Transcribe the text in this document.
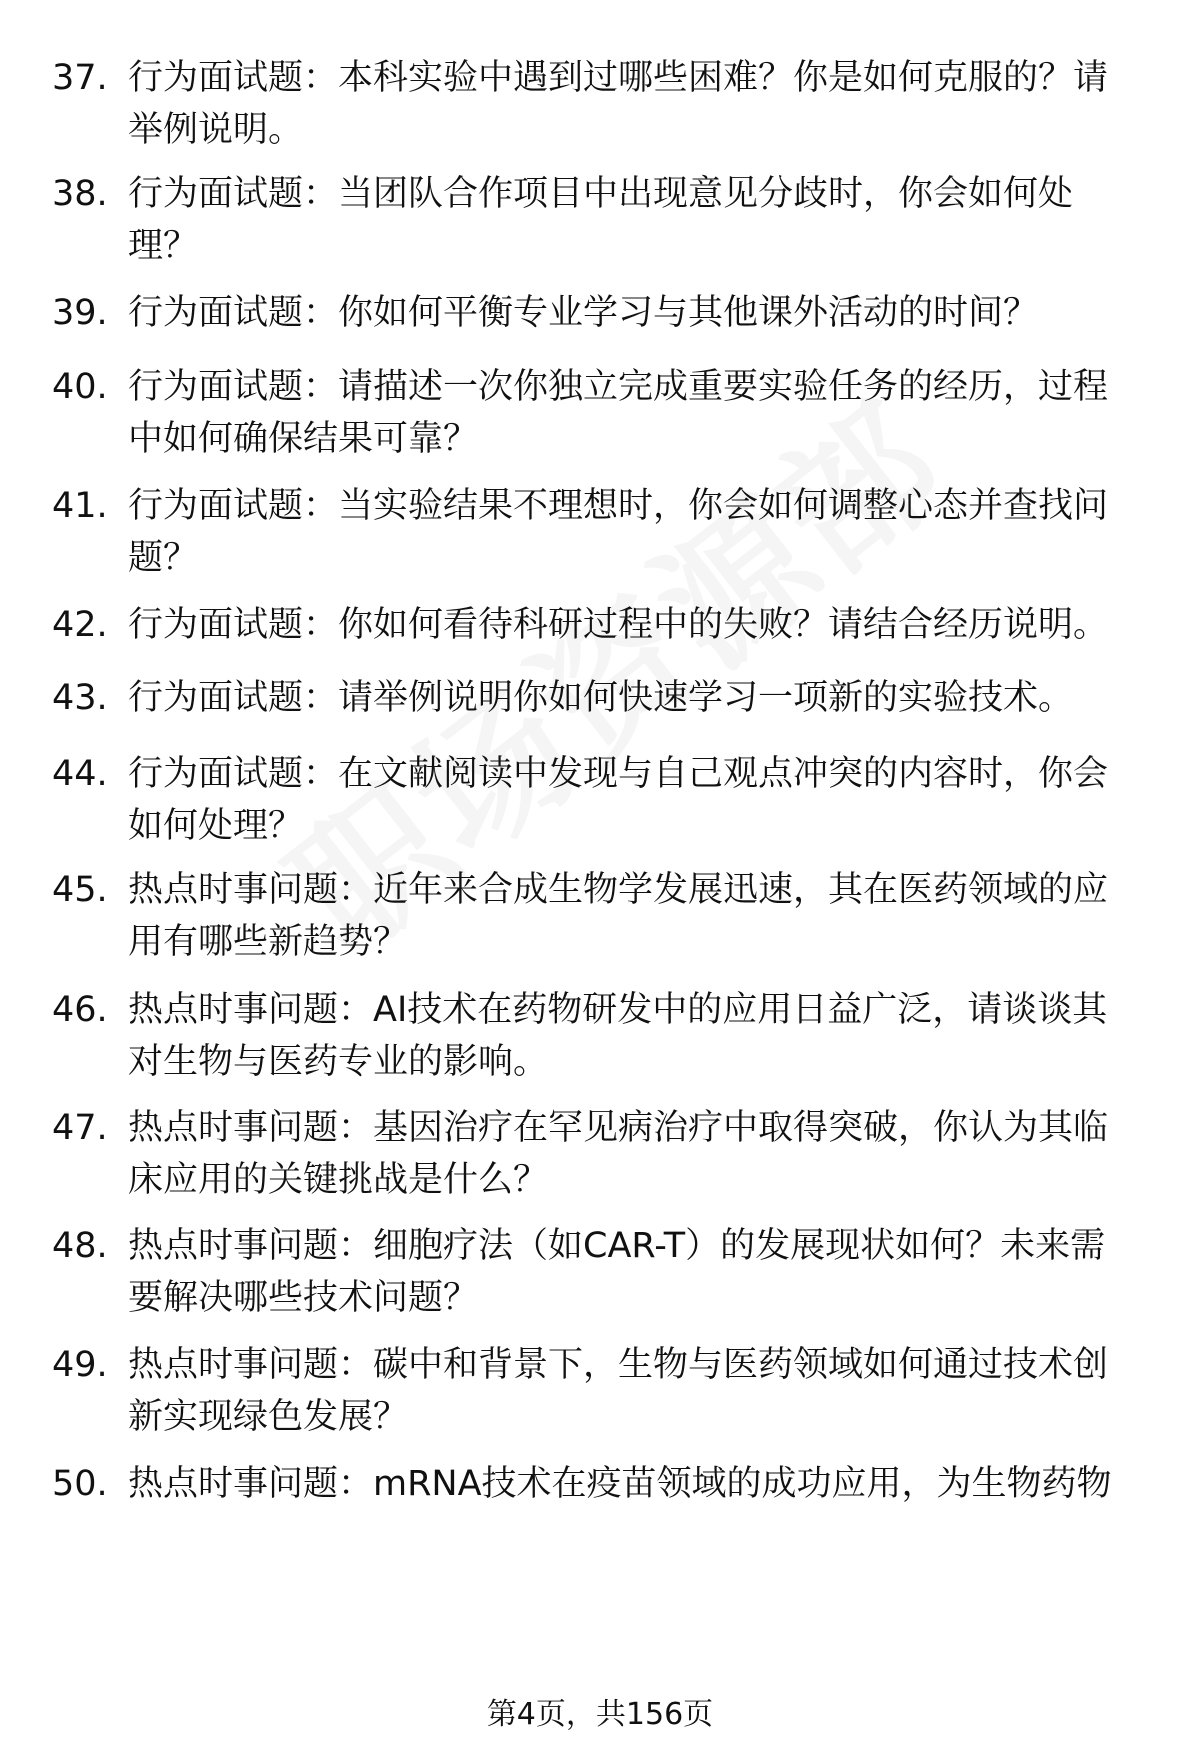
37. 行为面试题：本科实验中遇到过哪些困难？你是如何克服的？请举例说明。
38. 行为面试题：当团队合作项目中出现意见分歧时，你会如何处理？
39. 行为面试题：你如何平衡专业学习与其他课外活动的时间？
40. 行为面试题：请描述一次你独立完成重要实验任务的经历，过程中如何确保结果可靠？
41. 行为面试题：当实验结果不理想时，你会如何调整心态并查找问题？
42. 行为面试题：你如何看待科研过程中的失败？请结合经历说明。
43. 行为面试题：请举例说明你如何快速学习一项新的实验技术。
44. 行为面试题：在文献阅读中发现与自己观点冲突的内容时，你会如何处理？
45. 热点时事问题：近年来合成生物学发展迅速，其在医药领域的应用有哪些新趋势？
46. 热点时事问题：AI技术在药物研发中的应用日益广泛，请谈谈其对生物与医药专业的影响。
47. 热点时事问题：基因治疗在罕见病治疗中取得突破，你认为其临床应用的关键挑战是什么？
48. 热点时事问题：细胞疗法（如CAR-T）的发展现状如何？未来需要解决哪些技术问题？
49. 热点时事问题：碳中和背景下，生物与医药领域如何通过技术创新实现绿色发展？
50. 热点时事问题：mRNA技术在疫苗领域的成功应用，为生物药物
第4页，共156页
